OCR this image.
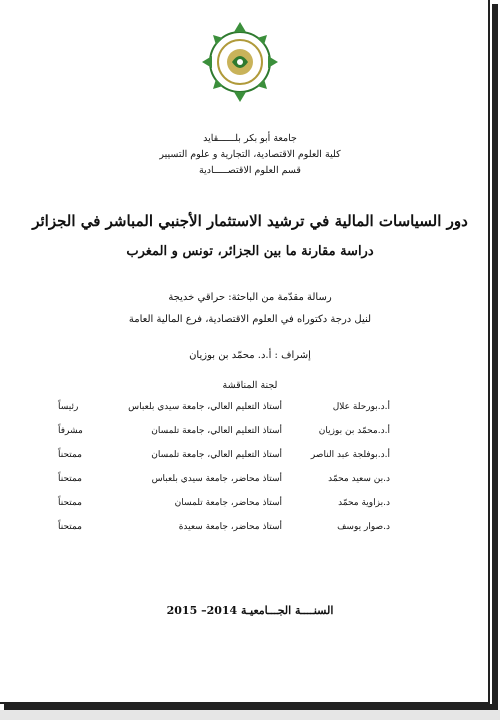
جامعة أبو بكر بلــــــقايد
كلية العلوم الاقتصادية، التجارية و علوم التسيير
قسم العلوم الاقتصـــــادية
دور السياسات المالية في ترشيد الاستثمار الأجنبي المباشر في الجزائر
دراسة مقارنة ما بين الجزائر، تونس و المغرب
رسالة مقدّمة من الباحثة: حراقي خديجة
لنيل درجة دكتوراه في العلوم الاقتصادية، فرع المالية العامة
إشراف : أ.د. محمّد بن بوزيان
لجنة المناقشة
أ.د.بورحلة علال
أستاذ التعليم العالي، جامعة سيدي بلعباس
رئيساً
أ.د.محمّد بن بوزيان
أستاذ التعليم العالي، جامعة تلمسان
مشرفاً
أ.د.بوفلجة عبد الناصر
أستاذ التعليم العالي، جامعة تلمسان
ممتحناً
د.بن سعيد محمّد
أستاذ محاضر، جامعة سيدي بلعباس
ممتحناً
د.بزاوية محمّد
أستاذ محاضر، جامعة تلمسان
ممتحناً
د.صوار يوسف
أستاذ محاضر، جامعة سعيدة
ممتحناً
السنــــة الجـــامعيـة 2014– 2015
